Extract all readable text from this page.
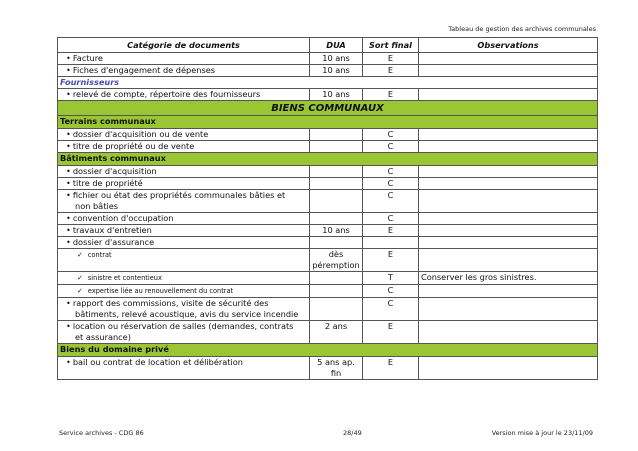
Tableau de gestion des archives communales
Catégorie de documents	DUA	Sort final	Observations
• Facture	10 ans	E	
• Fiches d'engagement de dépenses	10 ans	E	
Fournisseurs			
• relevé de compte, répertoire des fournisseurs	10 ans	E	
BIENS COMMUNAUX			
Terrains communaux			
• dossier d'acquisition ou de vente		C	
• titre de propriété ou de vente		C	
Bâtiments communaux			
• dossier d'acquisition		C	
• titre de propriété		C	
• fichier ou état des propriétés communales bâties et
non bâties		C	
• convention d'occupation		C	
• travaux d'entretien	10 ans	E	
• dossier d'assurance			
✓ contrat	dès péremption	E	
✓ sinistre et contentieux		T	Conserver les gros sinistres.
✓ expertise liée au renouvellement du contrat		C	
• rapport des commissions, visite de sécurité des
bâtiments, relevé acoustique, avis du service incendie		C	
• location ou réservation de salles (demandes, contrats
et assurance)	2 ans	E	
Biens du domaine privé			
• bail ou contrat de location et délibération	5 ans ap. fin	E	
Service archives - CDG 86	28/49	Version mise à jour le 23/11/09
